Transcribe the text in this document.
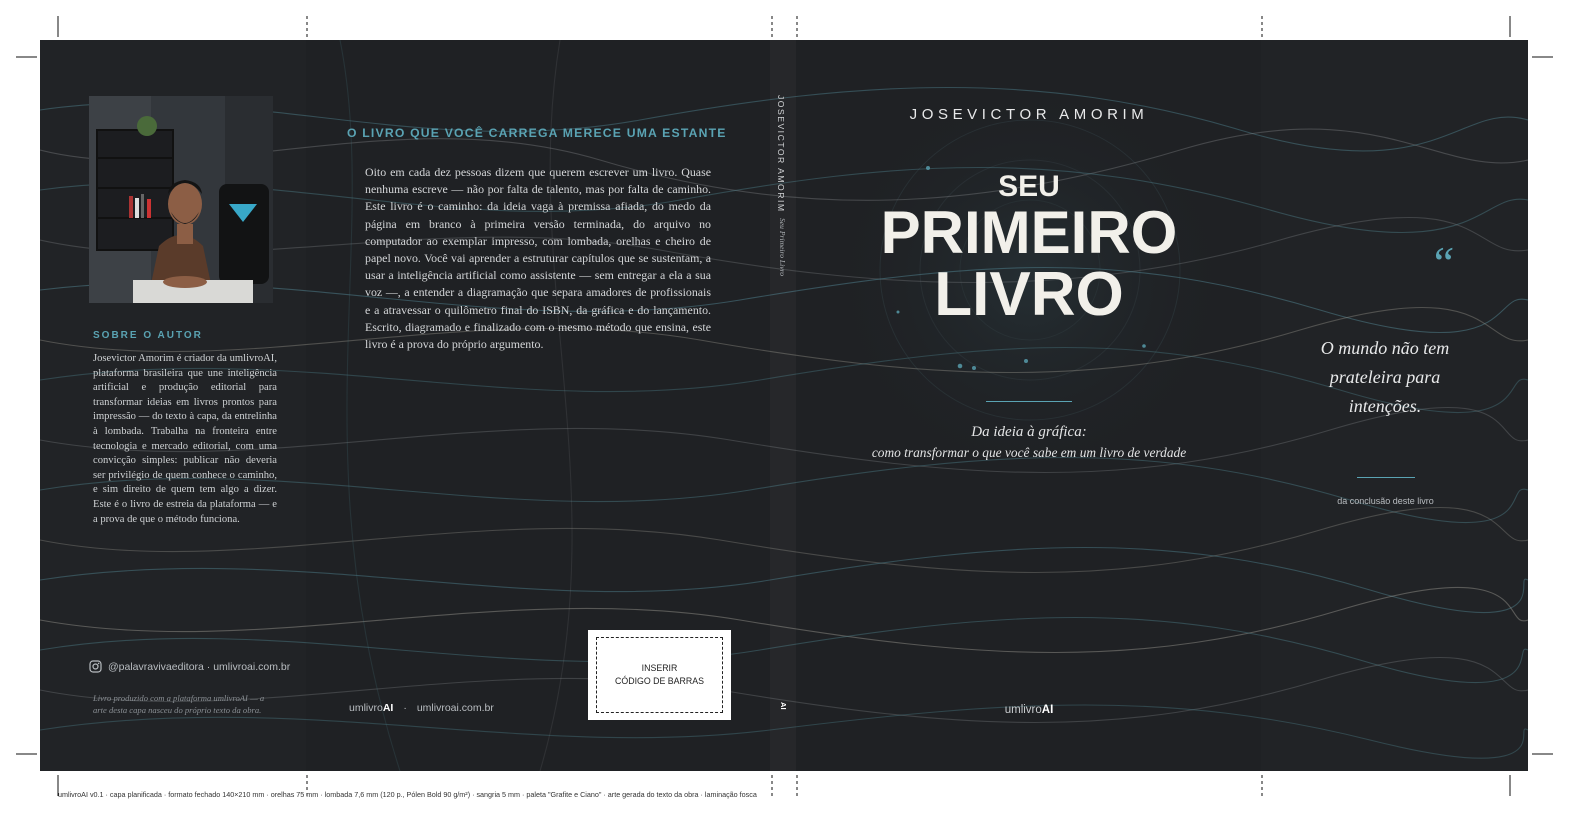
SOBRE O AUTOR
Josevictor Amorim é criador da umlivroAI, plataforma brasileira que une inteligência artificial e produção editorial para transformar ideias em livros prontos para impressão — do texto à capa, da entrelinha à lombada. Trabalha na fronteira entre tecnologia e mercado editorial, com uma convicção simples: publicar não deveria ser privilégio de quem conhece o caminho, e sim direito de quem tem algo a dizer. Este é o livro de estreia da plataforma — e a prova de que o método funciona.
@palavravivaeditora · umlivroai.com.br
Livro produzido com a plataforma umlivroAI — a arte desta capa nasceu do próprio texto da obra.
O LIVRO QUE VOCÊ CARREGA MERECE UMA ESTANTE
Oito em cada dez pessoas dizem que querem escrever um livro. Quase nenhuma escreve — não por falta de talento, mas por falta de caminho. Este livro é o caminho: da ideia vaga à premissa afiada, do medo da página em branco à primeira versão terminada, do arquivo no computador ao exemplar impresso, com lombada, orelhas e cheiro de papel novo. Você vai aprender a estruturar capítulos que se sustentam, a usar a inteligência artificial como assistente — sem entregar a ela a sua voz —, a entender a diagramação que separa amadores de profissionais e a atravessar o quilômetro final do ISBN, da gráfica e do lançamento. Escrito, diagramado e finalizado com o mesmo método que ensina, este livro é a prova do próprio argumento.
umlivroAI · umlivroai.com.br
INSERIR
CÓDIGO DE BARRAS
JOSEVICTOR AMORIM
Seu Primeiro Livro
AI
JOSEVICTOR AMORIM
SEU
PRIMEIRO
LIVRO
Da ideia à gráfica:
como transformar o que você sabe em um livro de verdade
umlivroAI
“
O mundo não tem prateleira para intenções.
da conclusão deste livro
umlivroAI v0.1 · capa planificada · formato fechado 140×210 mm · orelhas 75 mm · lombada 7,6 mm (120 p., Pólen Bold 90 g/m²) · sangria 5 mm · paleta "Grafite e Ciano" · arte gerada do texto da obra · laminação fosca
